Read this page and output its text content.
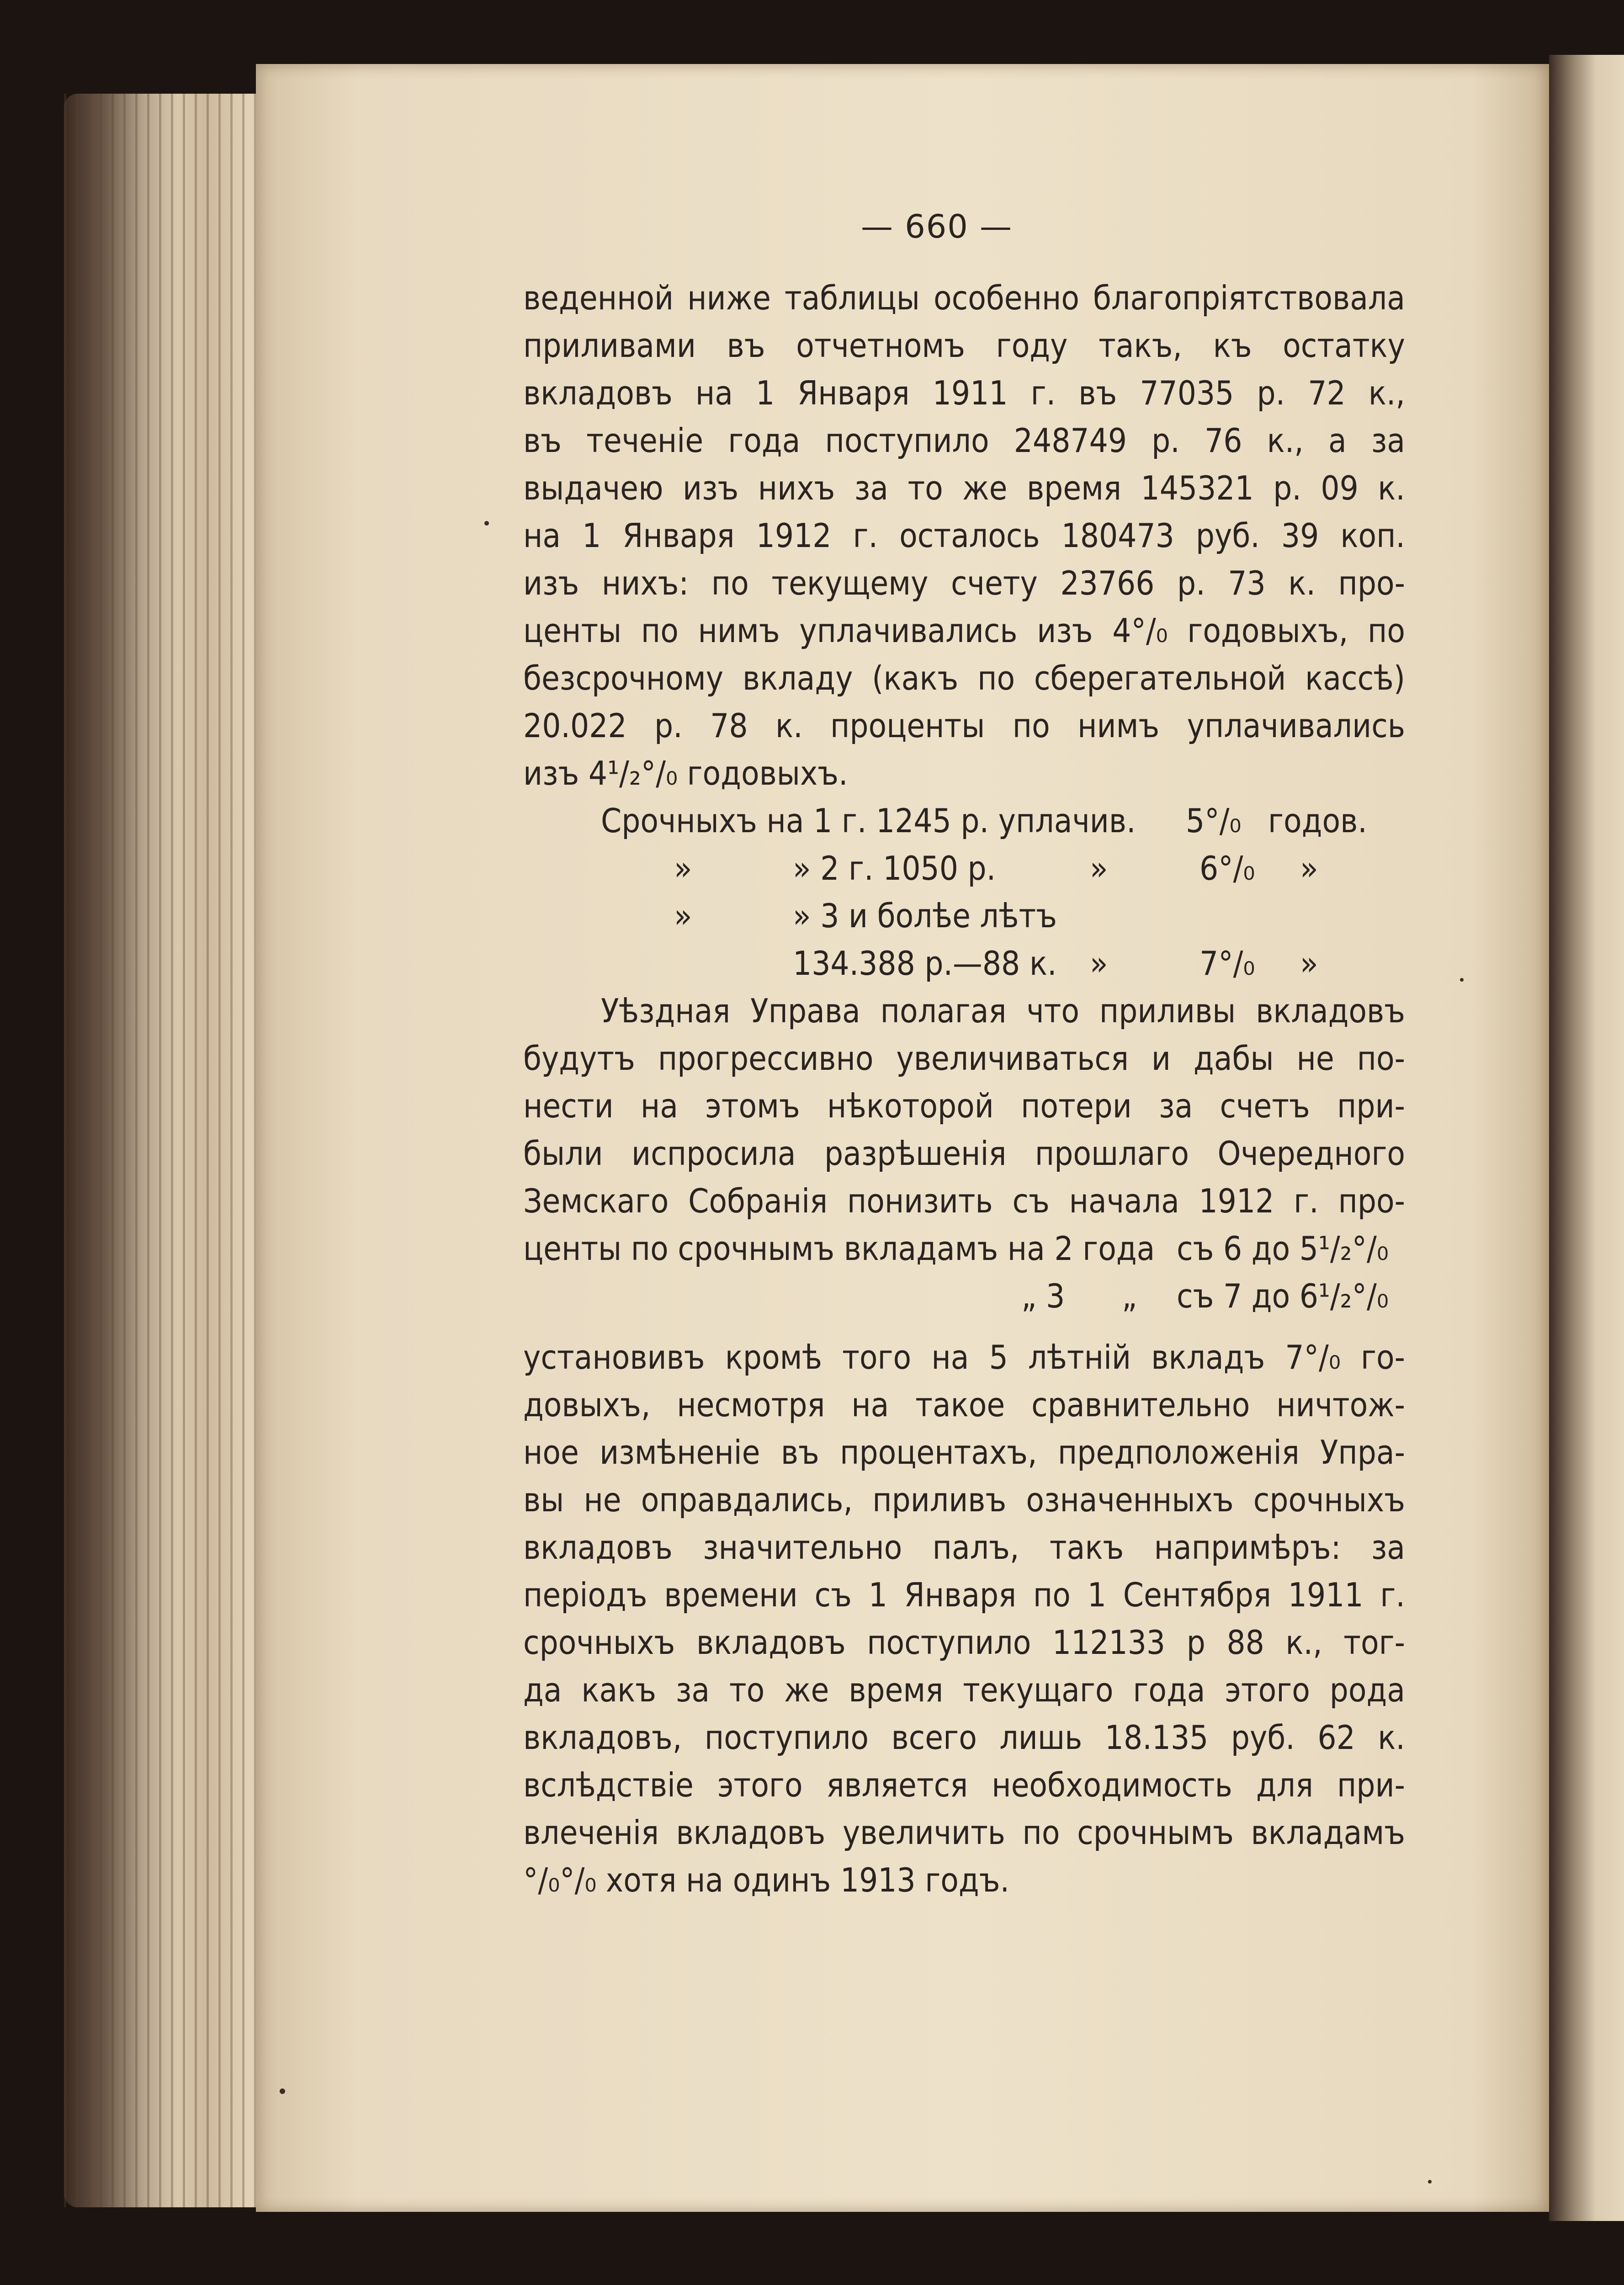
— 660 —
веденной ниже таблицы особенно благопріятствовала
приливами въ отчетномъ году такъ, къ остатку
вкладовъ на 1 Января 1911 г. въ 77035 р. 72 к.,
въ теченіе года поступило 248749 р. 76 к., а за
выдачею изъ нихъ за то же время 145321 р. 09 к.
на 1 Января 1912 г. осталось 180473 руб. 39 коп.
изъ нихъ: по текущему счету 23766 р. 73 к. про-
центы по нимъ уплачивались изъ 4°/₀ годовыхъ, по
безсрочному вкладу (какъ по сберегательной кассѣ)
20.022 р. 78 к. проценты по нимъ уплачивались
изъ 4¹/₂°/₀ годовыхъ.
Срочныхъ на 1 г. 1245 р. уплачив. 5°/₀ годов.
»	» 2 г. 1050 р.	»	6°/₀ »
»	» 3 и болѣе лѣтъ
134.388 р.—88 к. »	7°/₀ »
Уѣздная Управа полагая что приливы вкладовъ
будутъ прогрессивно увеличиваться и дабы не по-
нести на этомъ нѣкоторой потери за счетъ при-
были испросила разрѣшенія прошлаго Очередного
Земскаго Собранія понизить съ начала 1912 г. про-
центы по срочнымъ вкладамъ на 2 года съ 6 до 5¹/₂°/₀
„ 3 „ съ 7 до 6¹/₂°/₀
установивъ кромѣ того на 5 лѣтній вкладъ 7°/₀ го-
довыхъ, несмотря на такое сравнительно ничтож-
ное измѣненіе въ процентахъ, предположенія Упра-
вы не оправдались, приливъ означенныхъ срочныхъ
вкладовъ значительно палъ, такъ напримѣръ: за
періодъ времени съ 1 Января по 1 Сентября 1911 г.
срочныхъ вкладовъ поступило 112133 р 88 к., тог-
да какъ за то же время текущаго года этого рода
вкладовъ, поступило всего лишь 18.135 руб. 62 к.
вслѣдствіе этого является необходимость для при-
влеченія вкладовъ увеличить по срочнымъ вкладамъ
°/₀°/₀ хотя на одинъ 1913 годъ.
